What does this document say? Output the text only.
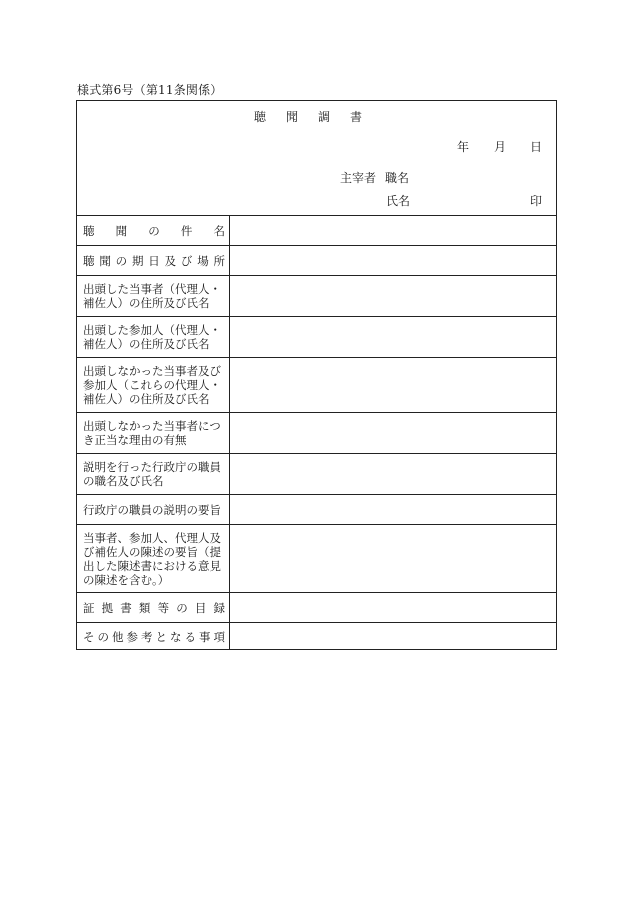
様式第6号（第11条関係）
聴聞調書
年 月 日
主宰者 職名
氏名	印
聴 聞 の 件 名
聴 聞 の 期 日 及 び 場 所
出頭した当事者（代理人・補佐人）の住所及び氏名
出頭した参加人（代理人・補佐人）の住所及び氏名
出頭しなかった当事者及び参加人（これらの代理人・補佐人）の住所及び氏名
出頭しなかった当事者につき正当な理由の有無
説明を行った行政庁の職員の職名及び氏名
行政庁の職員の説明の要旨
当事者、参加人、代理人及び補佐人の陳述の要旨（提出した陳述書における意見の陳述を含む。）
証 拠 書 類 等 の 目 録
そ の 他 参 考 と な る 事 項
